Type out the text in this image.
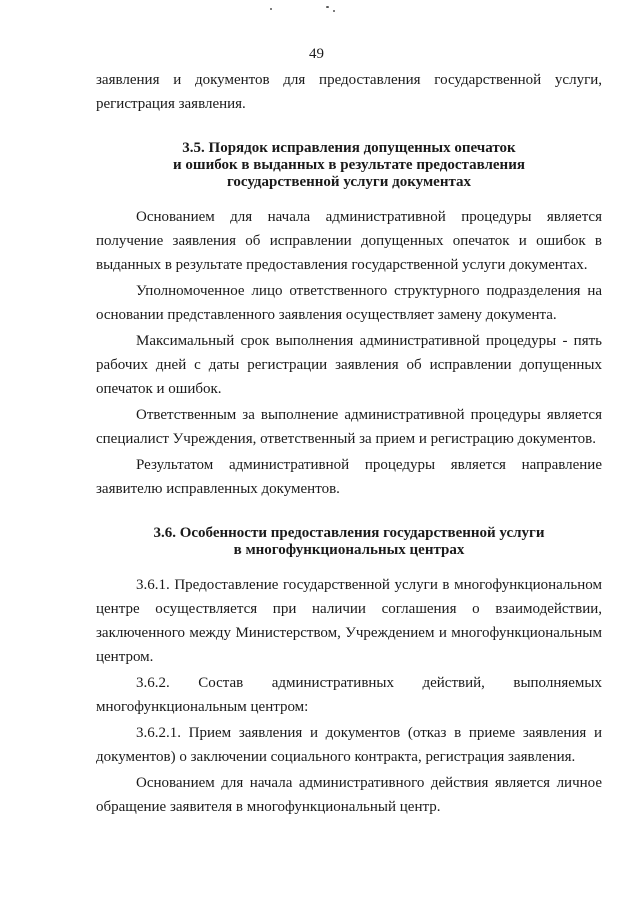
49

заявления и документов для предоставления государственной услуги, регистрация заявления.

3.5. Порядок исправления допущенных опечаток
и ошибок в выданных в результате предоставления
государственной услуги документах

Основанием для начала административной процедуры является получение заявления об исправлении допущенных опечаток и ошибок в выданных в результате предоставления государственной услуги документах.

Уполномоченное лицо ответственного структурного подразделения на основании представленного заявления осуществляет замену документа.

Максимальный срок выполнения административной процедуры - пять рабочих дней с даты регистрации заявления об исправлении допущенных опечаток и ошибок.

Ответственным за выполнение административной процедуры является специалист Учреждения, ответственный за прием и регистрацию документов.

Результатом административной процедуры является направление заявителю исправленных документов.

3.6. Особенности предоставления государственной услуги
в многофункциональных центрах

3.6.1. Предоставление государственной услуги в многофункциональном центре осуществляется при наличии соглашения о взаимодействии, заключенного между Министерством, Учреждением и многофункциональным центром.

3.6.2. Состав административных действий, выполняемых многофункциональным центром:

3.6.2.1. Прием заявления и документов (отказ в приеме заявления и документов) о заключении социального контракта, регистрация заявления.

Основанием для начала административного действия является личное обращение заявителя в многофункциональный центр.
